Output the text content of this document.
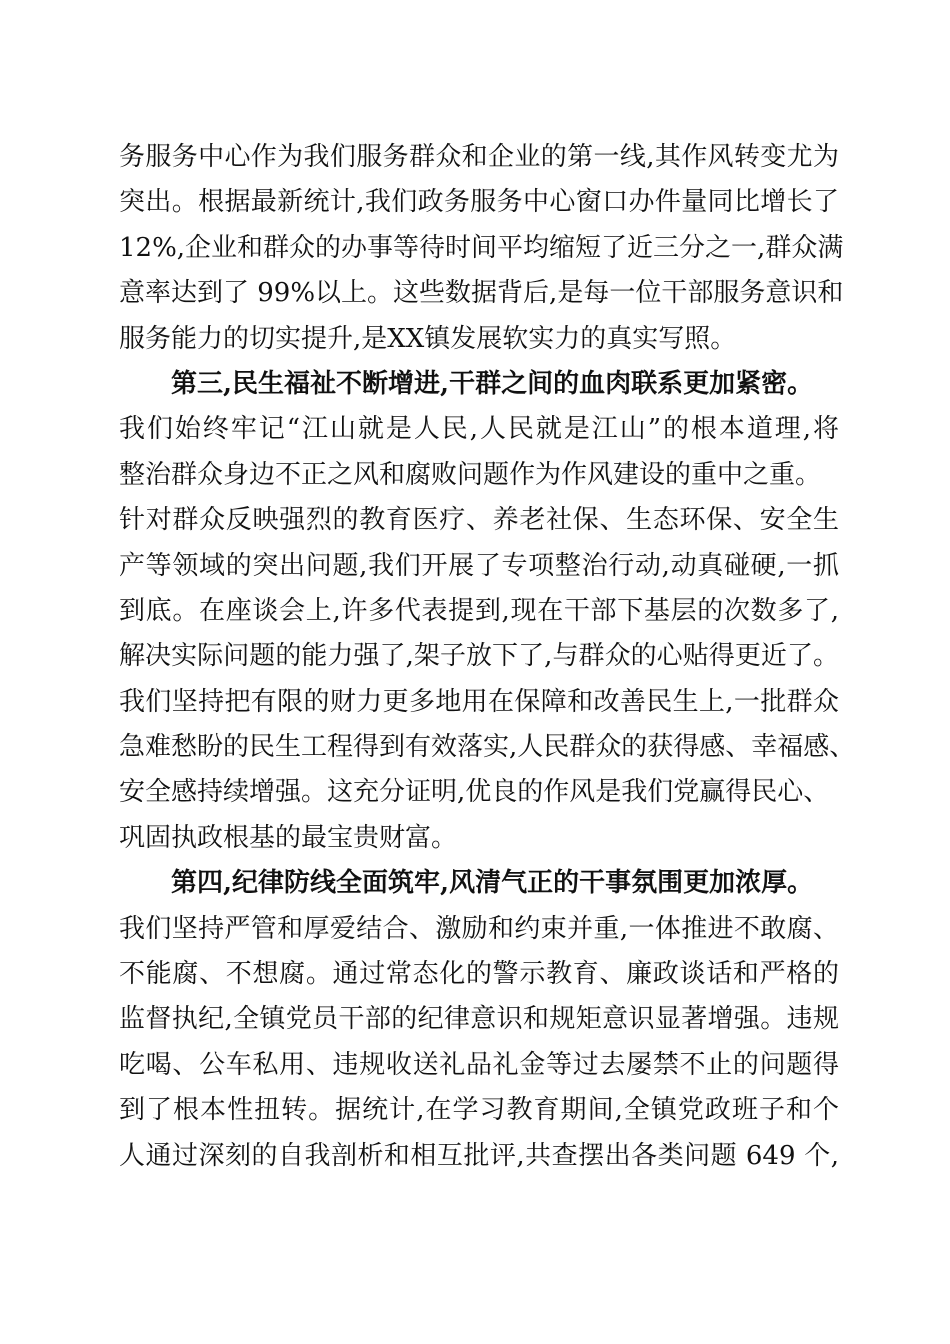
务服务中心作为我们服务群众和企业的第一线,其作风转变尤为
突出。根据最新统计,我们政务服务中心窗口办件量同比增长了
12%,企业和群众的办事等待时间平均缩短了近三分之一,群众满
意率达到了 99%以上。这些数据背后,是每一位干部服务意识和
服务能力的切实提升,是XX镇发展软实力的真实写照。
第三,民生福祉不断增进,干群之间的血肉联系更加紧密。
我们始终牢记“江山就是人民,人民就是江山”的根本道理,将
整治群众身边不正之风和腐败问题作为作风建设的重中之重。
针对群众反映强烈的教育医疗、养老社保、生态环保、安全生
产等领域的突出问题,我们开展了专项整治行动,动真碰硬,一抓
到底。在座谈会上,许多代表提到,现在干部下基层的次数多了,
解决实际问题的能力强了,架子放下了,与群众的心贴得更近了。
我们坚持把有限的财力更多地用在保障和改善民生上,一批群众
急难愁盼的民生工程得到有效落实,人民群众的获得感、幸福感、
安全感持续增强。这充分证明,优良的作风是我们党赢得民心、
巩固执政根基的最宝贵财富。
第四,纪律防线全面筑牢,风清气正的干事氛围更加浓厚。
我们坚持严管和厚爱结合、激励和约束并重,一体推进不敢腐、
不能腐、不想腐。通过常态化的警示教育、廉政谈话和严格的
监督执纪,全镇党员干部的纪律意识和规矩意识显著增强。违规
吃喝、公车私用、违规收送礼品礼金等过去屡禁不止的问题得
到了根本性扭转。据统计,在学习教育期间,全镇党政班子和个
人通过深刻的自我剖析和相互批评,共查摆出各类问题 649 个,
